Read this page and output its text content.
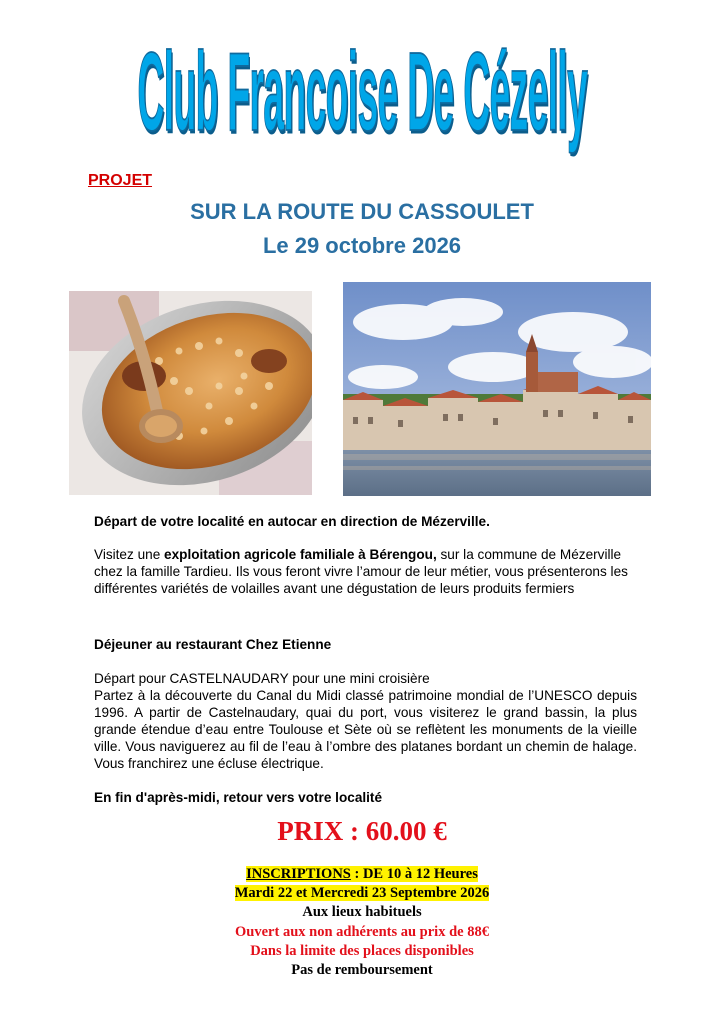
Club Francoise De Cézelly
PROJET
SUR LA ROUTE DU CASSOULET
Le 29 octobre 2026
Départ de votre localité en autocar en direction de Mézerville.
Visitez une exploitation agricole familiale à Bérengou, sur la commune de Mézerville chez la famille Tardieu. Ils vous feront vivre l’amour de leur métier, vous présenterons les différentes variétés de volailles avant une dégustation de leurs produits fermiers
Déjeuner au restaurant Chez Etienne
Départ pour CASTELNAUDARY pour une mini croisière
Partez à la découverte du Canal du Midi classé patrimoine mondial de l’UNESCO depuis 1996. A partir de Castelnaudary, quai du port, vous visiterez le grand bassin, la plus grande étendue d’eau entre Toulouse et Sète où se reflètent les monuments de la vieille ville. Vous naviguerez au fil de l’eau à l’ombre des platanes bordant un chemin de halage. Vous franchirez une écluse électrique.
En fin d'après-midi, retour vers votre localité
PRIX : 60.00 €
INSCRIPTIONS : DE 10 à 12 Heures
Mardi 22 et Mercredi 23 Septembre 2026
Aux lieux habituels
Ouvert aux non adhérents au prix de 88€
Dans la limite des places disponibles
Pas de remboursement
